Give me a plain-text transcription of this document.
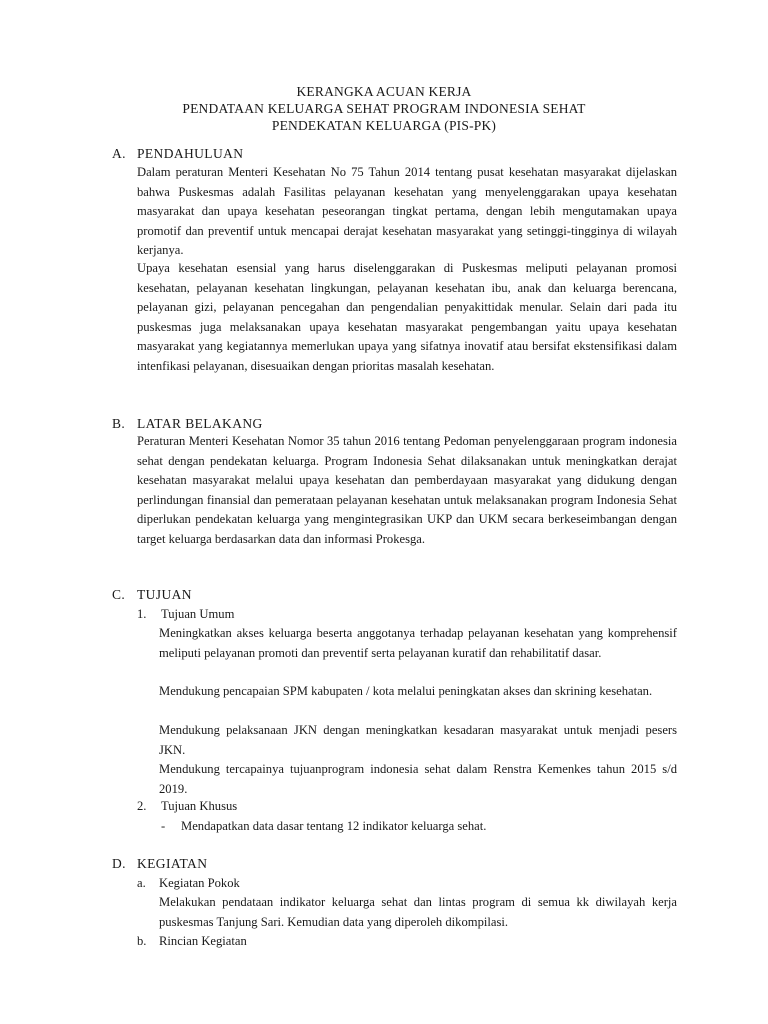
KERANGKA ACUAN KERJA
PENDATAAN KELUARGA SEHAT PROGRAM INDONESIA SEHAT
PENDEKATAN KELUARGA (PIS-PK)
A. PENDAHULUAN

Dalam peraturan Menteri Kesehatan No 75 Tahun 2014 tentang pusat kesehatan masyarakat dijelaskan bahwa Puskesmas adalah Fasilitas pelayanan kesehatan yang menyelenggarakan upaya kesehatan masyarakat dan upaya kesehatan peseorangan tingkat pertama, dengan lebih mengutamakan upaya promotif dan preventif untuk mencapai derajat kesehatan masyarakat yang setinggi-tingginya di wilayah kerjanya.

Upaya kesehatan esensial yang harus diselenggarakan di Puskesmas meliputi pelayanan promosi kesehatan, pelayanan kesehatan lingkungan, pelayanan kesehatan ibu, anak dan keluarga berencana, pelayanan gizi, pelayanan pencegahan dan pengendalian penyakittidak menular. Selain dari pada itu puskesmas juga melaksanakan upaya kesehatan masyarakat pengembangan yaitu upaya kesehatan masyarakat yang kegiatannya memerlukan upaya yang sifatnya inovatif atau bersifat ekstensifikasi dalam intenfikasi pelayanan, disesuaikan dengan prioritas masalah kesehatan.

B. LATAR BELAKANG

Peraturan Menteri Kesehatan Nomor 35 tahun 2016 tentang Pedoman penyelenggaraan program indonesia sehat dengan pendekatan keluarga. Program Indonesia Sehat dilaksanakan untuk meningkatkan derajat kesehatan masyarakat melalui upaya kesehatan dan pemberdayaan masyarakat yang didukung dengan perlindungan finansial dan pemerataan pelayanan kesehatan untuk melaksanakan program Indonesia Sehat diperlukan pendekatan keluarga yang mengintegrasikan UKP dan UKM secara berkeseimbangan dengan target keluarga berdasarkan data dan informasi Prokesga.

C. TUJUAN
1. Tujuan Umum

Meningkatkan akses keluarga beserta anggotanya terhadap pelayanan kesehatan yang komprehensif meliputi pelayanan promoti dan preventif serta pelayanan kuratif dan rehabilitatif dasar.

Mendukung pencapaian SPM kabupaten / kota melalui peningkatan akses dan skrining kesehatan.

Mendukung pelaksanaan JKN dengan meningkatkan kesadaran masyarakat untuk menjadi pesers JKN.

Mendukung tercapainya tujuanprogram indonesia sehat dalam Renstra Kemenkes tahun 2015 s/d 2019.

2. Tujuan Khusus
- Mendapatkan data dasar tentang 12 indikator keluarga sehat.
D. KEGIATAN
a. Kegiatan Pokok

Melakukan pendataan indikator keluarga sehat dan lintas program di semua kk diwilayah kerja puskesmas Tanjung Sari. Kemudian data yang diperoleh dikompilasi.

b. Rincian Kegiatan
